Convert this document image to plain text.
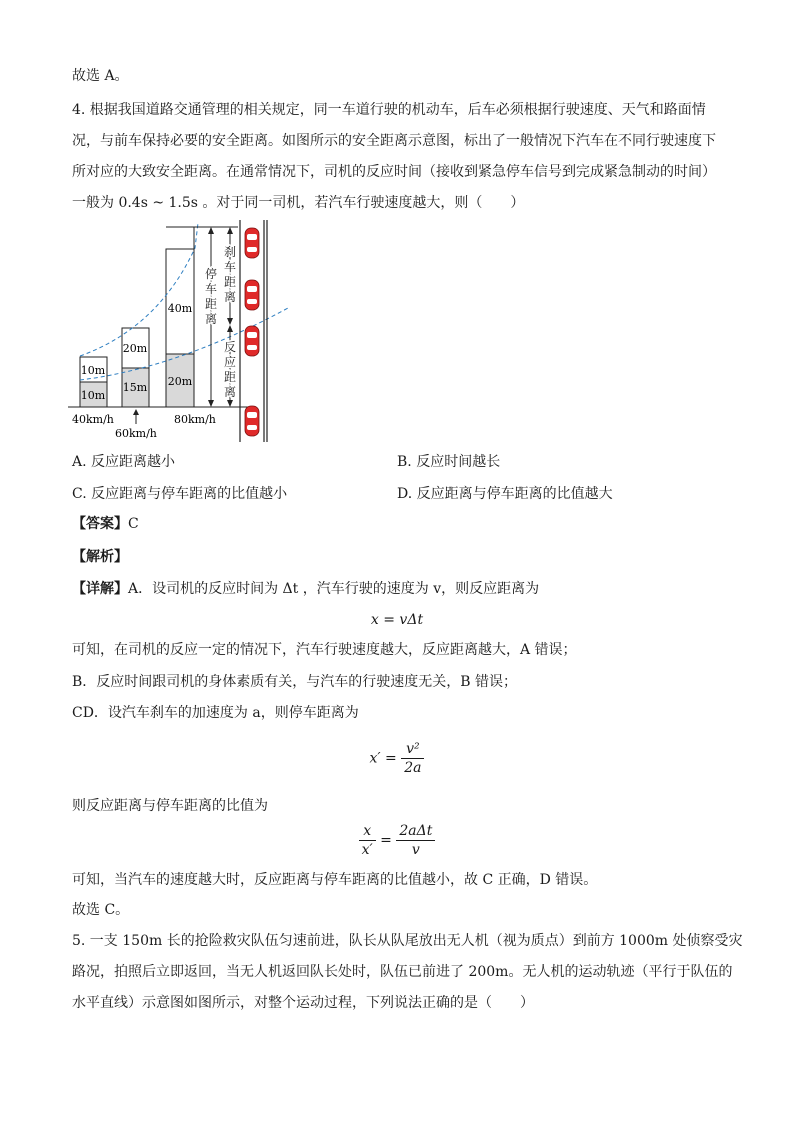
故选 A。
4. 根据我国道路交通管理的相关规定，同一车道行驶的机动车，后车必须根据行驶速度、天气和路面情
况，与前车保持必要的安全距离。如图所示的安全距离示意图，标出了一般情况下汽车在不同行驶速度下
所对应的大致安全距离。在通常情况下，司机的反应时间（接收到紧急停车信号到完成紧急制动的时间）
一般为 0.4s ~ 1.5s 。对于同一司机，若汽车行驶速度越大，则（　　）
10m
10m
20m
15m
40m
20m
停
车
距
离
刹
车
距
离
反
应
距
离
40km/h
60km/h
80km/h
A. 反应距离越小	B. 反应时间越长
C. 反应距离与停车距离的比值越小	D. 反应距离与停车距离的比值越大
【答案】C
【解析】
【详解】A．设司机的反应时间为 Δt ，汽车行驶的速度为 v，则反应距离为
x = vΔt
可知，在司机的反应一定的情况下，汽车行驶速度越大，反应距离越大，A 错误；
B．反应时间跟司机的身体素质有关，与汽车的行驶速度无关，B 错误；
CD．设汽车刹车的加速度为 a，则停车距离为
$x' = \frac{\text{v²}}{2a}$
则反应距离与停车距离的比值为
$\frac{x}{x'} = \frac{\text{2aΔt}}{v}$
可知，当汽车的速度越大时，反应距离与停车距离的比值越小，故 C 正确，D 错误。
故选 C。
5. 一支 150m 长的抢险救灾队伍匀速前进，队长从队尾放出无人机（视为质点）到前方 1000m 处侦察受灾
路况，拍照后立即返回，当无人机返回队长处时，队伍已前进了 200m。无人机的运动轨迹（平行于队伍的
水平直线）示意图如图所示，对整个运动过程，下列说法正确的是（　　）
